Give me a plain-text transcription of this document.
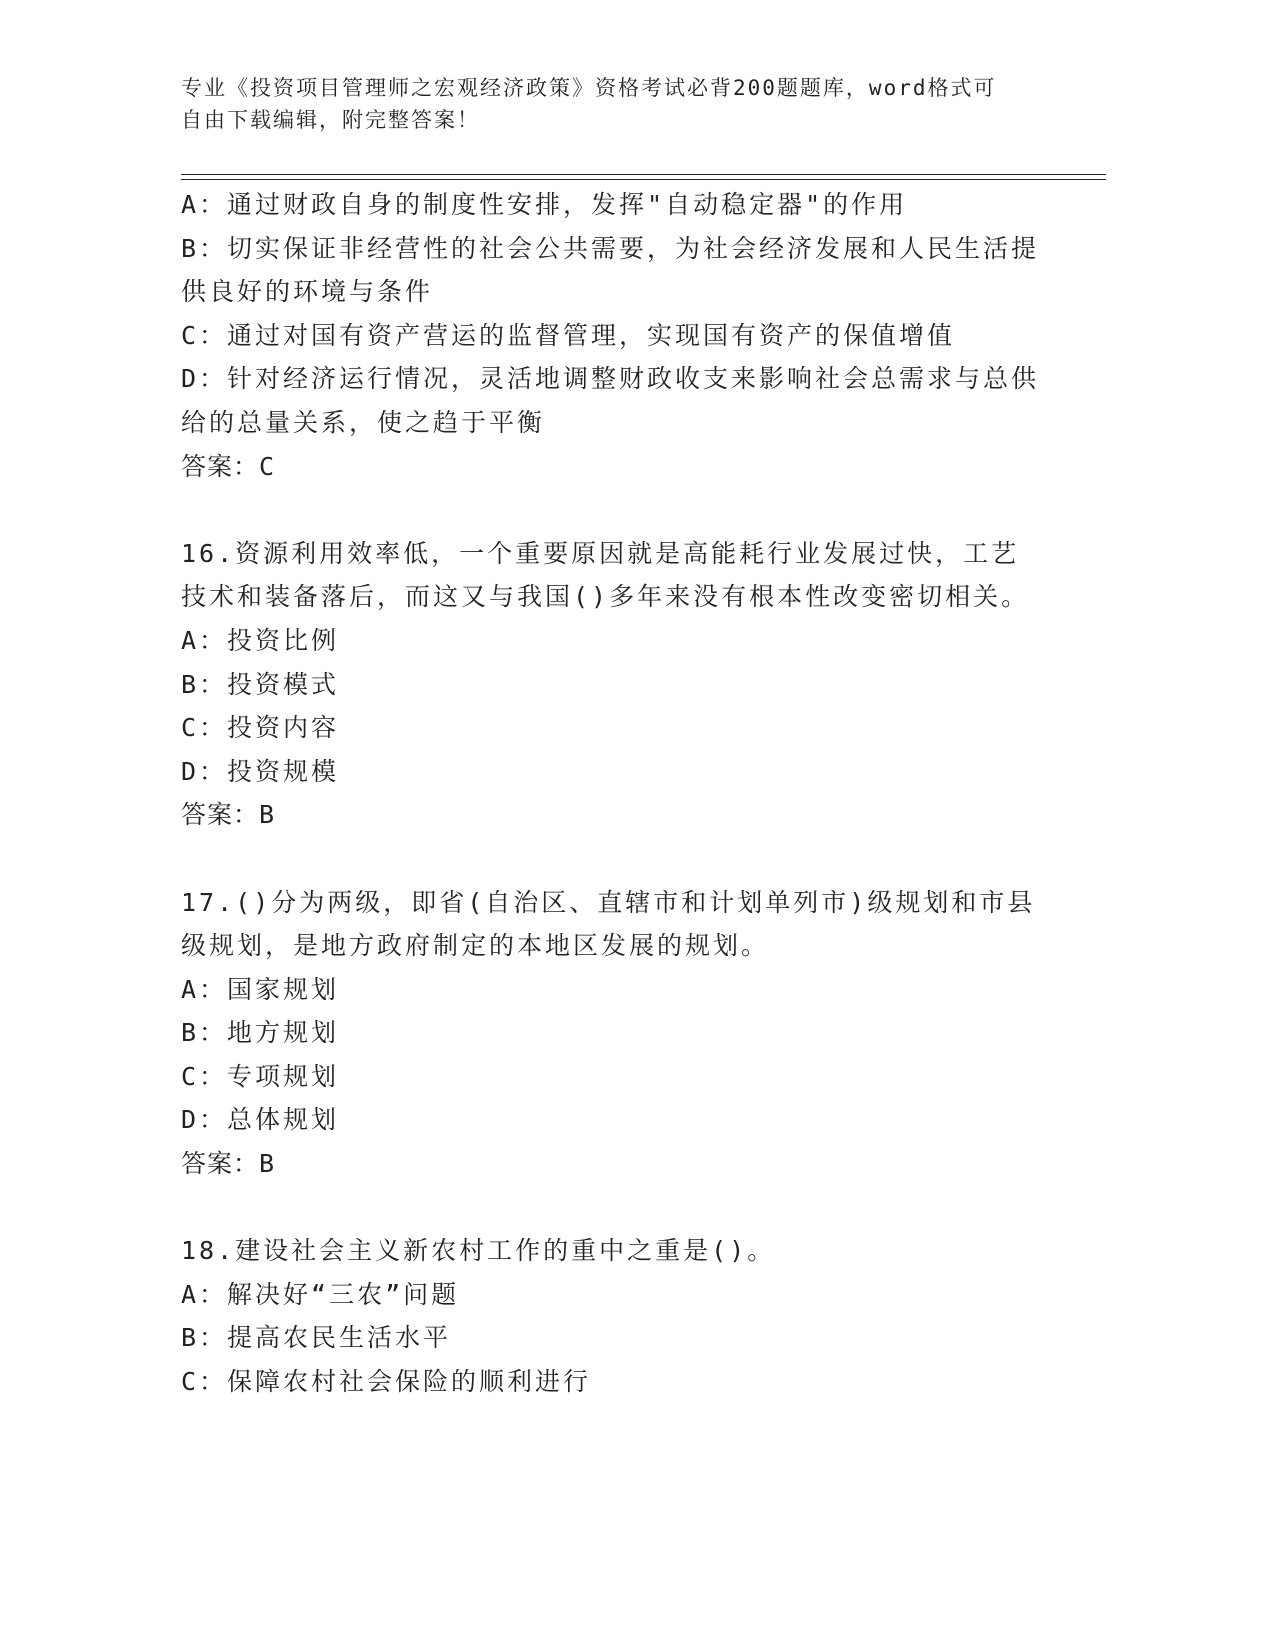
专业《投资项目管理师之宏观经济政策》资格考试必背200题题库，word格式可
自由下载编辑，附完整答案！

A：通过财政自身的制度性安排，发挥"自动稳定器"的作用

B：切实保证非经营性的社会公共需要，为社会经济发展和人民生活提供良好的环境与条件

C：通过对国有资产营运的监督管理，实现国有资产的保值增值

D：针对经济运行情况，灵活地调整财政收支来影响社会总需求与总供给的总量关系，使之趋于平衡

答案：C

16.资源利用效率低，一个重要原因就是高能耗行业发展过快，工艺技术和装备落后，而这又与我国()多年来没有根本性改变密切相关。

A：投资比例

B：投资模式

C：投资内容

D：投资规模

答案：B

17.()分为两级，即省(自治区、直辖市和计划单列市)级规划和市县级规划，是地方政府制定的本地区发展的规划。

A：国家规划

B：地方规划

C：专项规划

D：总体规划

答案：B

18.建设社会主义新农村工作的重中之重是()。

A：解决好“三农”问题

B：提高农民生活水平

C：保障农村社会保险的顺利进行
